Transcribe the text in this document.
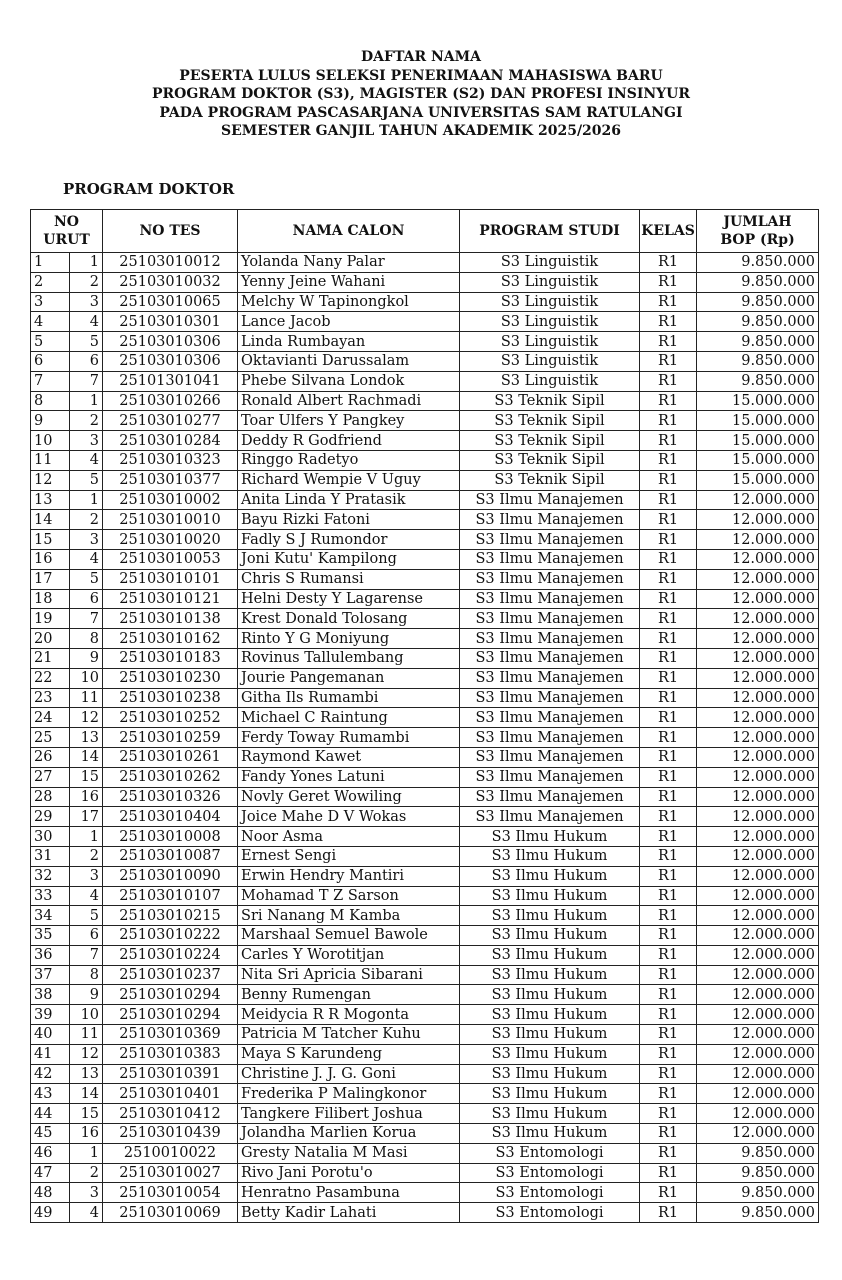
DAFTAR NAMA
PESERTA LULUS SELEKSI PENERIMAAN MAHASISWA BARU
PROGRAM DOKTOR (S3), MAGISTER (S2) DAN PROFESI INSINYUR
PADA PROGRAM PASCASARJANA UNIVERSITAS SAM RATULANGI
SEMESTER GANJIL TAHUN AKADEMIK 2025/2026
PROGRAM DOKTOR
NO
URUT		NO TES	NAMA CALON	PROGRAM STUDI	KELAS	JUMLAH
BOP (Rp)
1	1	25103010012	Yolanda Nany Palar	S3 Linguistik	R1	9.850.000
2	2	25103010032	Yenny Jeine Wahani	S3 Linguistik	R1	9.850.000
3	3	25103010065	Melchy W Tapinongkol	S3 Linguistik	R1	9.850.000
4	4	25103010301	Lance Jacob	S3 Linguistik	R1	9.850.000
5	5	25103010306	Linda Rumbayan	S3 Linguistik	R1	9.850.000
6	6	25103010306	Oktavianti Darussalam	S3 Linguistik	R1	9.850.000
7	7	25101301041	Phebe Silvana Londok	S3 Linguistik	R1	9.850.000
8	1	25103010266	Ronald Albert Rachmadi	S3 Teknik Sipil	R1	15.000.000
9	2	25103010277	Toar Ulfers Y Pangkey	S3 Teknik Sipil	R1	15.000.000
10	3	25103010284	Deddy R Godfriend	S3 Teknik Sipil	R1	15.000.000
11	4	25103010323	Ringgo Radetyo	S3 Teknik Sipil	R1	15.000.000
12	5	25103010377	Richard Wempie V Uguy	S3 Teknik Sipil	R1	15.000.000
13	1	25103010002	Anita Linda Y Pratasik	S3 Ilmu Manajemen	R1	12.000.000
14	2	25103010010	Bayu Rizki Fatoni	S3 Ilmu Manajemen	R1	12.000.000
15	3	25103010020	Fadly S J Rumondor	S3 Ilmu Manajemen	R1	12.000.000
16	4	25103010053	Joni Kutu' Kampilong	S3 Ilmu Manajemen	R1	12.000.000
17	5	25103010101	Chris S Rumansi	S3 Ilmu Manajemen	R1	12.000.000
18	6	25103010121	Helni Desty Y Lagarense	S3 Ilmu Manajemen	R1	12.000.000
19	7	25103010138	Krest Donald Tolosang	S3 Ilmu Manajemen	R1	12.000.000
20	8	25103010162	Rinto Y G Moniyung	S3 Ilmu Manajemen	R1	12.000.000
21	9	25103010183	Rovinus Tallulembang	S3 Ilmu Manajemen	R1	12.000.000
22	10	25103010230	Jourie Pangemanan	S3 Ilmu Manajemen	R1	12.000.000
23	11	25103010238	Githa Ils Rumambi	S3 Ilmu Manajemen	R1	12.000.000
24	12	25103010252	Michael C Raintung	S3 Ilmu Manajemen	R1	12.000.000
25	13	25103010259	Ferdy Toway Rumambi	S3 Ilmu Manajemen	R1	12.000.000
26	14	25103010261	Raymond Kawet	S3 Ilmu Manajemen	R1	12.000.000
27	15	25103010262	Fandy Yones Latuni	S3 Ilmu Manajemen	R1	12.000.000
28	16	25103010326	Novly Geret Wowiling	S3 Ilmu Manajemen	R1	12.000.000
29	17	25103010404	Joice Mahe D V Wokas	S3 Ilmu Manajemen	R1	12.000.000
30	1	25103010008	Noor Asma	S3 Ilmu Hukum	R1	12.000.000
31	2	25103010087	Ernest Sengi	S3 Ilmu Hukum	R1	12.000.000
32	3	25103010090	Erwin Hendry Mantiri	S3 Ilmu Hukum	R1	12.000.000
33	4	25103010107	Mohamad T Z Sarson	S3 Ilmu Hukum	R1	12.000.000
34	5	25103010215	Sri Nanang M Kamba	S3 Ilmu Hukum	R1	12.000.000
35	6	25103010222	Marshaal Semuel Bawole	S3 Ilmu Hukum	R1	12.000.000
36	7	25103010224	Carles Y Worotitjan	S3 Ilmu Hukum	R1	12.000.000
37	8	25103010237	Nita Sri Apricia Sibarani	S3 Ilmu Hukum	R1	12.000.000
38	9	25103010294	Benny Rumengan	S3 Ilmu Hukum	R1	12.000.000
39	10	25103010294	Meidycia R R Mogonta	S3 Ilmu Hukum	R1	12.000.000
40	11	25103010369	Patricia M Tatcher Kuhu	S3 Ilmu Hukum	R1	12.000.000
41	12	25103010383	Maya S Karundeng	S3 Ilmu Hukum	R1	12.000.000
42	13	25103010391	Christine J. J. G. Goni	S3 Ilmu Hukum	R1	12.000.000
43	14	25103010401	Frederika P Malingkonor	S3 Ilmu Hukum	R1	12.000.000
44	15	25103010412	Tangkere Filibert Joshua	S3 Ilmu Hukum	R1	12.000.000
45	16	25103010439	Jolandha Marlien Korua	S3 Ilmu Hukum	R1	12.000.000
46	1	2510010022	Gresty Natalia M Masi	S3 Entomologi	R1	9.850.000
47	2	25103010027	Rivo Jani Porotu'o	S3 Entomologi	R1	9.850.000
48	3	25103010054	Henratno Pasambuna	S3 Entomologi	R1	9.850.000
49	4	25103010069	Betty Kadir Lahati	S3 Entomologi	R1	9.850.000
